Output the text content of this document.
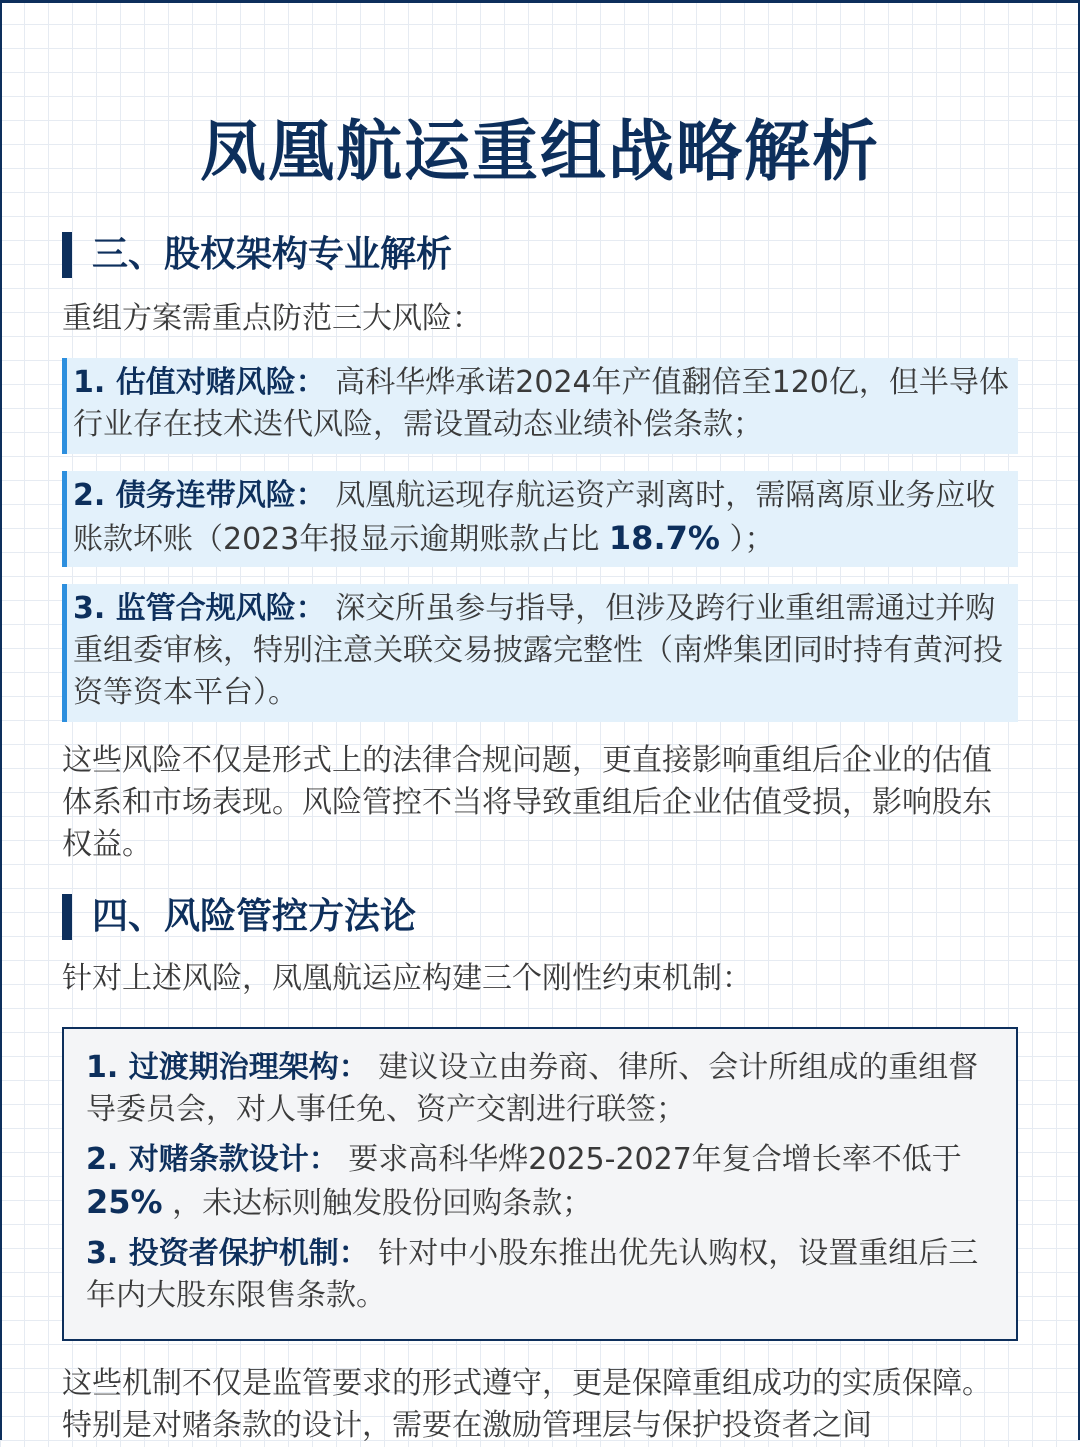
凤凰航运重组战略解析
三、股权架构专业解析

重组方案需重点防范三大风险：

1. 估值对赌风险： 高科华烨承诺2024年产值翻倍至120亿，但半导体行业存在技术迭代风险，需设置动态业绩补偿条款；
2. 债务连带风险： 凤凰航运现存航运资产剥离时，需隔离原业务应收账款坏账（2023年报显示逾期账款占比 18.7% ）；
3. 监管合规风险： 深交所虽参与指导，但涉及跨行业重组需通过并购重组委审核，特别注意关联交易披露完整性（南烨集团同时持有黄河投资等资本平台）。

这些风险不仅是形式上的法律合规问题，更直接影响重组后企业的估值体系和市场表现。风险管控不当将导致重组后企业估值受损，影响股东权益。

四、风险管控方法论

针对上述风险，凤凰航运应构建三个刚性约束机制：

1. 过渡期治理架构： 建议设立由券商、律所、会计所组成的重组督导委员会，对人事任免、资产交割进行联签；
2. 对赌条款设计： 要求高科华烨2025-2027年复合增长率不低于 25% ，未达标则触发股份回购条款；
3. 投资者保护机制： 针对中小股东推出优先认购权，设置重组后三年内大股东限售条款。

这些机制不仅是监管要求的形式遵守，更是保障重组成功的实质保障。特别是对赌条款的设计，需要在激励管理层与保护投资者之间
